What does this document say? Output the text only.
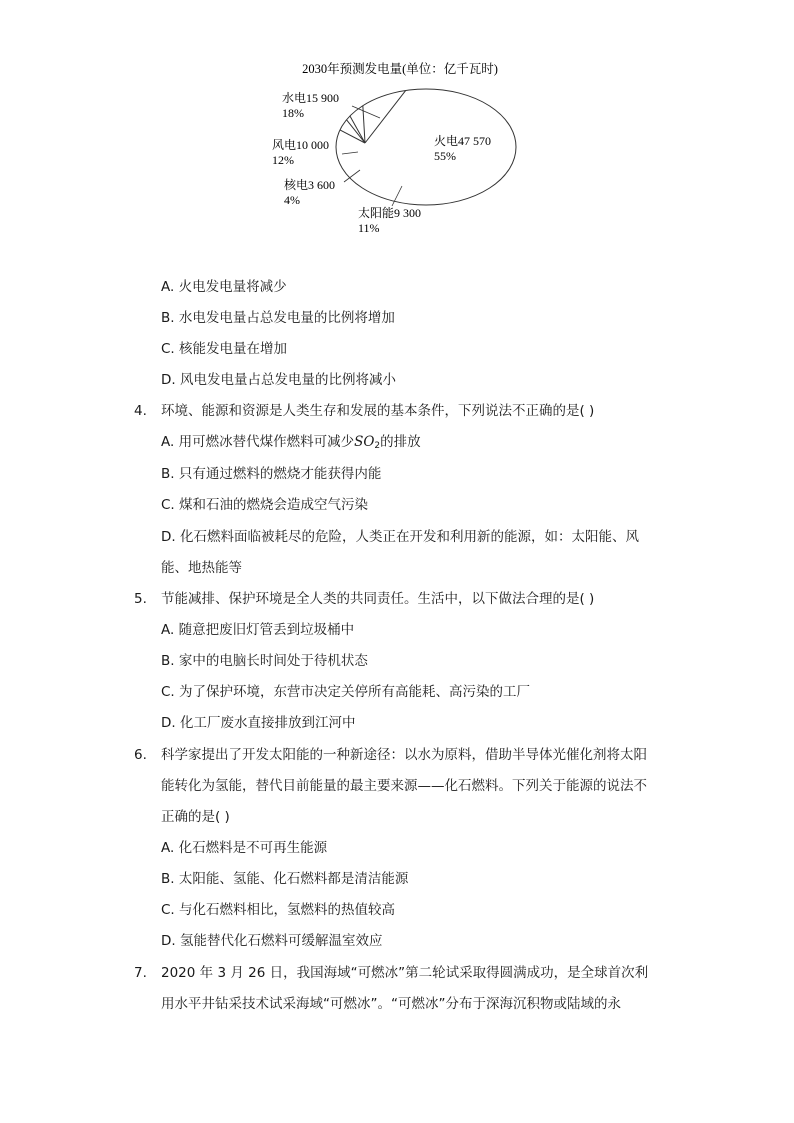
2030年预测发电量(单位：亿千瓦时)
水电15 900
18%
风电10 000
12%
核电3 600
4%
太阳能9 300
11%
火电47 570
55%
A. 火电发电量将减少
B. 水电发电量占总发电量的比例将增加
C. 核能发电量在增加
D. 风电发电量占总发电量的比例将减小
4. 环境、能源和资源是人类生存和发展的基本条件，下列说法不正确的是( )
A. 用可燃冰替代煤作燃料可减少$SO_2$的排放
B. 只有通过燃料的燃烧才能获得内能
C. 煤和石油的燃烧会造成空气污染
D. 化石燃料面临被耗尽的危险，人类正在开发和利用新的能源，如：太阳能、风
能、地热能等
5. 节能减排、保护环境是全人类的共同责任。生活中，以下做法合理的是( )
A. 随意把废旧灯管丢到垃圾桶中
B. 家中的电脑长时间处于待机状态
C. 为了保护环境，东营市决定关停所有高能耗、高污染的工厂
D. 化工厂废水直接排放到江河中
6. 科学家提出了开发太阳能的一种新途径：以水为原料，借助半导体光催化剂将太阳
能转化为氢能，替代目前能量的最主要来源——化石燃料。下列关于能源的说法不
正确的是( )
A. 化石燃料是不可再生能源
B. 太阳能、氢能、化石燃料都是清洁能源
C. 与化石燃料相比，氢燃料的热值较高
D. 氢能替代化石燃料可缓解温室效应
7. 2020 年 3 月 26 日，我国海域“可燃冰”第二轮试采取得圆满成功，是全球首次利
用水平井钻采技术试采海域“可燃冰”。“可燃冰”分布于深海沉积物或陆域的永
